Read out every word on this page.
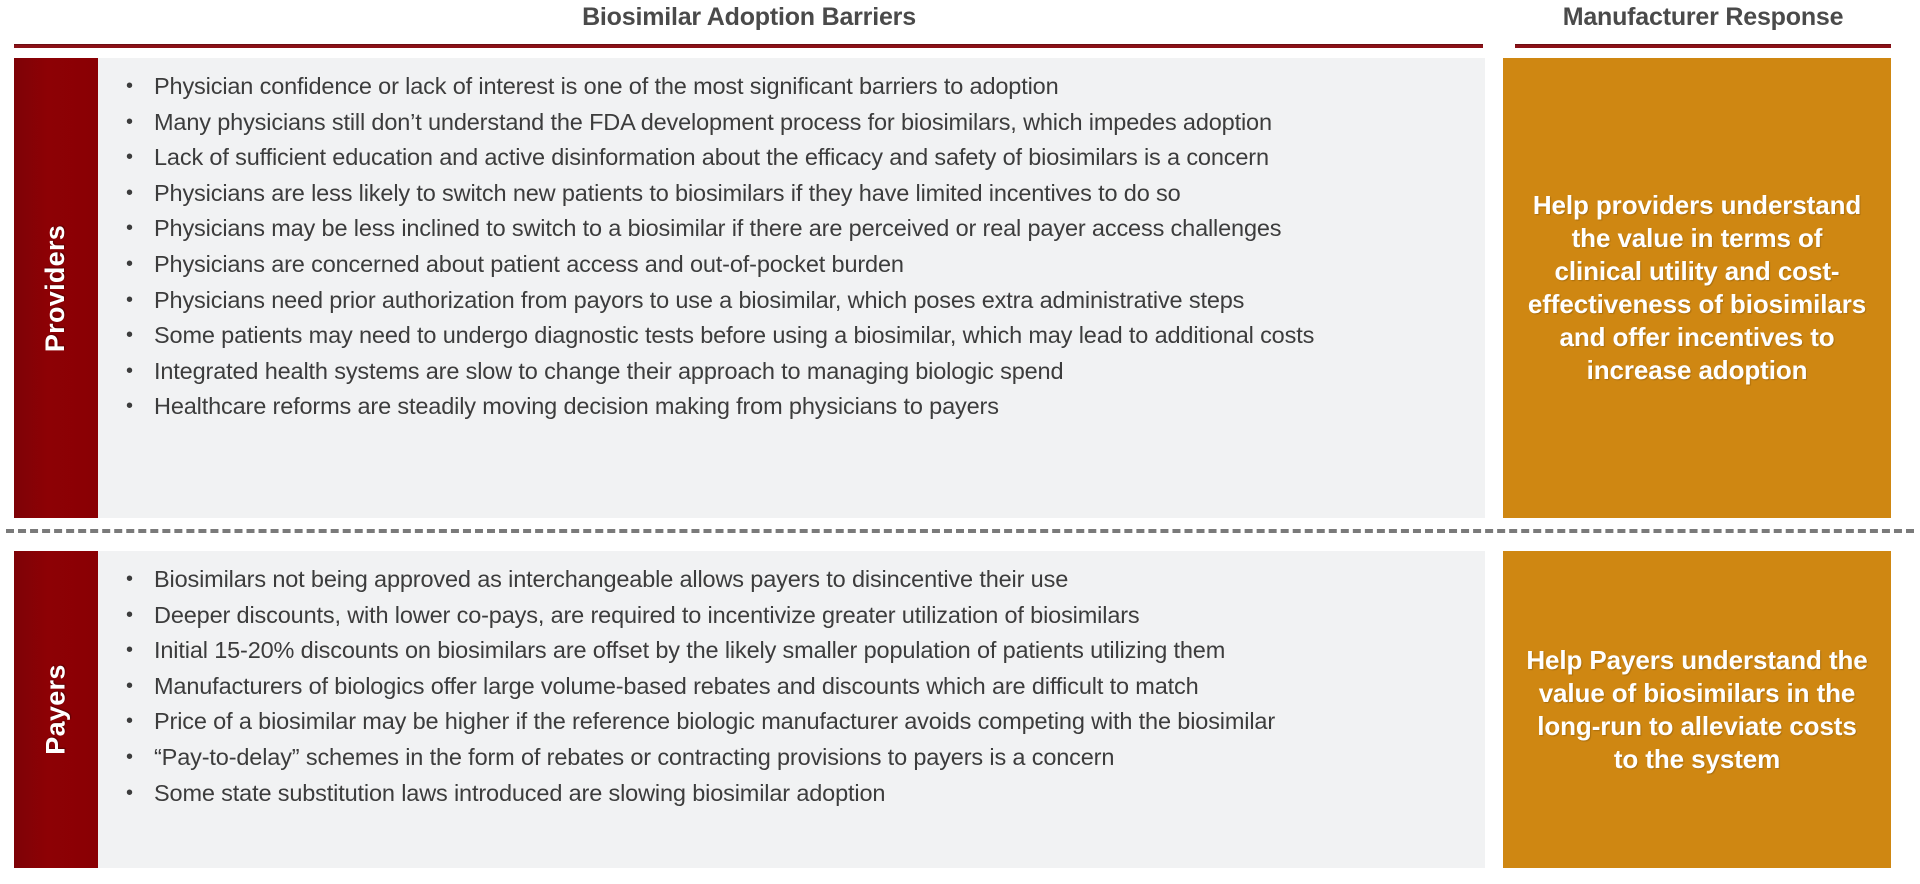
Biosimilar Adoption Barriers	Manufacturer Response
Providers
• Physician confidence or lack of interest is one of the most significant barriers to adoption
• Many physicians still don’t understand the FDA development process for biosimilars, which impedes adoption
• Lack of sufficient education and active disinformation about the efficacy and safety of biosimilars is a concern
• Physicians are less likely to switch new patients to biosimilars if they have limited incentives to do so
• Physicians may be less inclined to switch to a biosimilar if there are perceived or real payer access challenges
• Physicians are concerned about patient access and out-of-pocket burden
• Physicians need prior authorization from payors to use a biosimilar, which poses extra administrative steps
• Some patients may need to undergo diagnostic tests before using a biosimilar, which may lead to additional costs
• Integrated health systems are slow to change their approach to managing biologic spend
• Healthcare reforms are steadily moving decision making from physicians to payers
Help providers understand the value in terms of clinical utility and cost-effectiveness of biosimilars and offer incentives to increase adoption
Payers
• Biosimilars not being approved as interchangeable allows payers to disincentive their use
• Deeper discounts, with lower co-pays, are required to incentivize greater utilization of biosimilars
• Initial 15-20% discounts on biosimilars are offset by the likely smaller population of patients utilizing them
• Manufacturers of biologics offer large volume-based rebates and discounts which are difficult to match
• Price of a biosimilar may be higher if the reference biologic manufacturer avoids competing with the biosimilar
• “Pay-to-delay” schemes in the form of rebates or contracting provisions to payers is a concern
• Some state substitution laws introduced are slowing biosimilar adoption
Help Payers understand the value of biosimilars in the long-run to alleviate costs to the system
